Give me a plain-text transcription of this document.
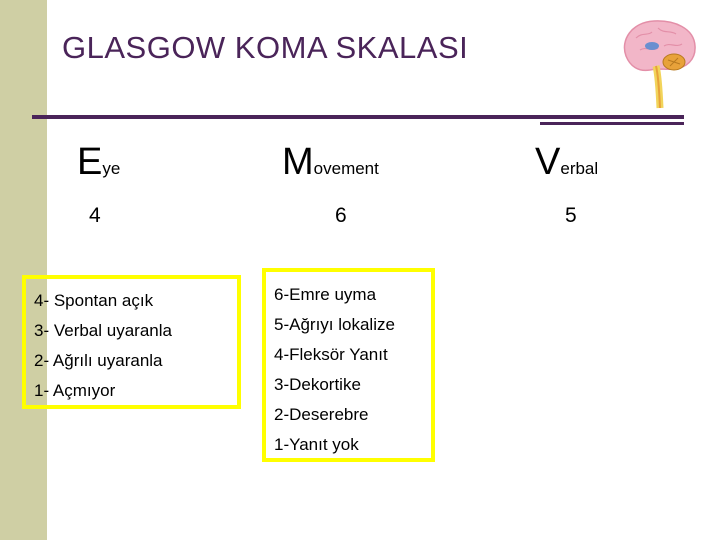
GLASGOW KOMA SKALASI
Eye	Movement	Verbal
4	6	5
4- Spontan açık
3- Verbal uyaranla
2- Ağrılı uyaranla
1- Açmıyor
6-Emre uyma
5-Ağrıyı lokalize
4-Fleksör Yanıt
3-Dekortike
2-Deserebre
1-Yanıt yok
